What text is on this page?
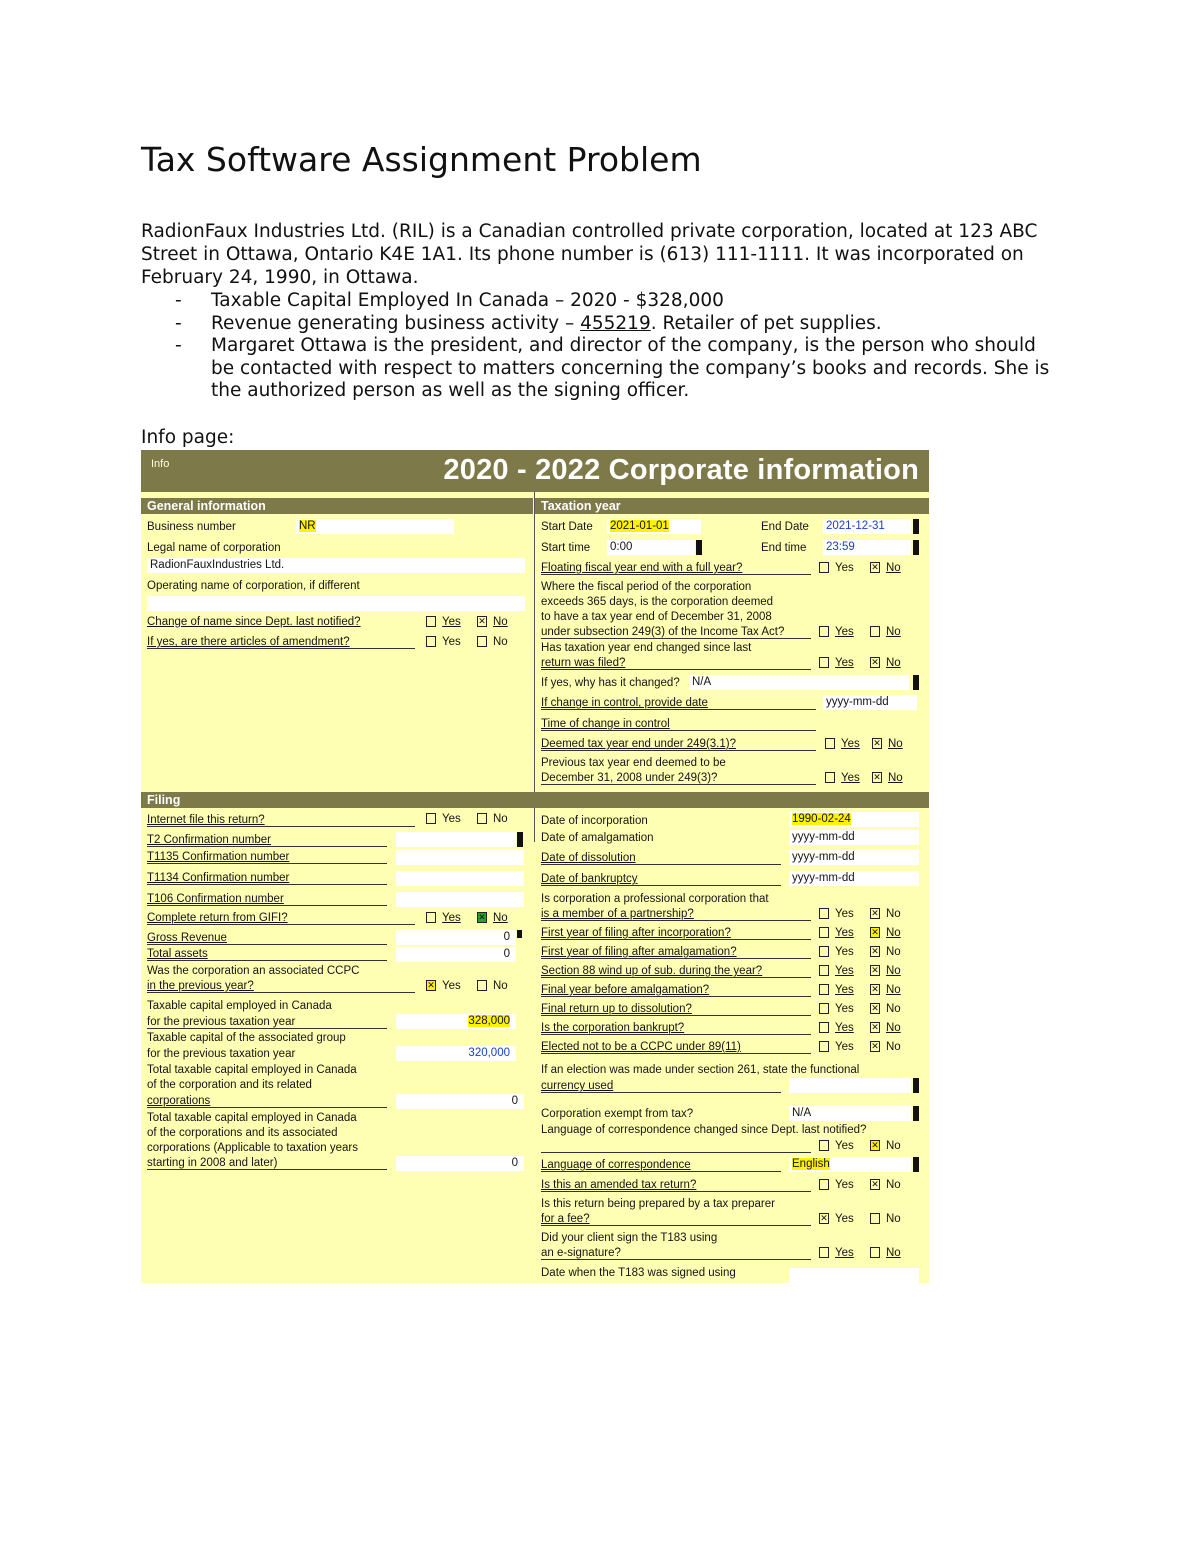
Tax Software Assignment Problem

RadionFaux Industries Ltd. (RIL) is a Canadian controlled private corporation, located at 123 ABC Street in Ottawa, Ontario K4E 1A1. Its phone number is (613) 111-1111. It was incorporated on February 24, 1990, in Ottawa.

- Taxable Capital Employed In Canada – 2020 - $328,000
- Revenue generating business activity – 455219. Retailer of pet supplies.
- Margaret Ottawa is the president, and director of the company, is the person who should be contacted with respect to matters concerning the company’s books and records. She is the authorized person as well as the signing officer.
Info page:
Info	2020 - 2022 Corporate information
General information	Taxation year
Business number	NR
Legal name of corporation
RadionFauxIndustries Ltd.
Operating name of corporation, if different
Change of name since Dept. last notified?	Yes ✕	No
If yes, are there articles of amendment?	Yes	No
Start Date 2021-01-01	End Date 2021-12-31
Start time 0:00	End time 23:59
Floating fiscal year end with a full year?	Yes ✕	No
Where the fiscal period of the corporation
exceeds 365 days, is the corporation deemed
to have a tax year end of December 31, 2008
under subsection 249(3) of the Income Tax Act?	Yes	No
Has taxation year end changed since last
return was filed?	Yes ✕	No
If yes, why has it changed? N/A
If change in control, provide date	yyyy-mm-dd
Time of change in control
Deemed tax year end under 249(3.1)?	Yes ✕ No
Previous tax year end deemed to be
December 31, 2008 under 249(3)?	Yes ✕ No
Filing
Internet file this return?	Yes	No
T2 Confirmation number
T1135 Confirmation number
T1134 Confirmation number
T106 Confirmation number
Complete return from GIFI?	Yes ✕	No
Gross Revenue	0
Total assets	0
Was the corporation an associated CCPC
in the previous year? ✕	Yes	No
Taxable capital employed in Canada
for the previous taxation year	328,000
Taxable capital of the associated group
for the previous taxation year	320,000
Total taxable capital employed in Canada
of the corporation and its related
corporations	0
Total taxable capital employed in Canada
of the corporations and its associated
corporations (Applicable to taxation years
starting in 2008 and later)	0
Date of incorporation	1990-02-24
Date of amalgamation	yyyy-mm-dd
Date of dissolution	yyyy-mm-dd
Date of bankruptcy	yyyy-mm-dd
Is corporation a professional corporation that
is a member of a partnership?	Yes ✕	No
First year of filing after incorporation?	Yes ✕	No
First year of filing after amalgamation?	Yes ✕	No
Section 88 wind up of sub. during the year?	Yes ✕	No
Final year before amalgamation?	Yes ✕	No
Final return up to dissolution?	Yes ✕	No
Is the corporation bankrupt?	Yes ✕	No
Elected not to be a CCPC under 89(11)	Yes ✕	No
If an election was made under section 261, state the functional
currency used
Corporation exempt from tax?	N/A
Language of correspondence changed since Dept. last notified?
Yes ✕	No
Language of correspondence	English
Is this an amended tax return?	Yes ✕	No
Is this return being prepared by a tax preparer
for a fee? ✕	Yes	No
Did your client sign the T183 using
an e-signature?	Yes	No
Date when the T183 was signed using
